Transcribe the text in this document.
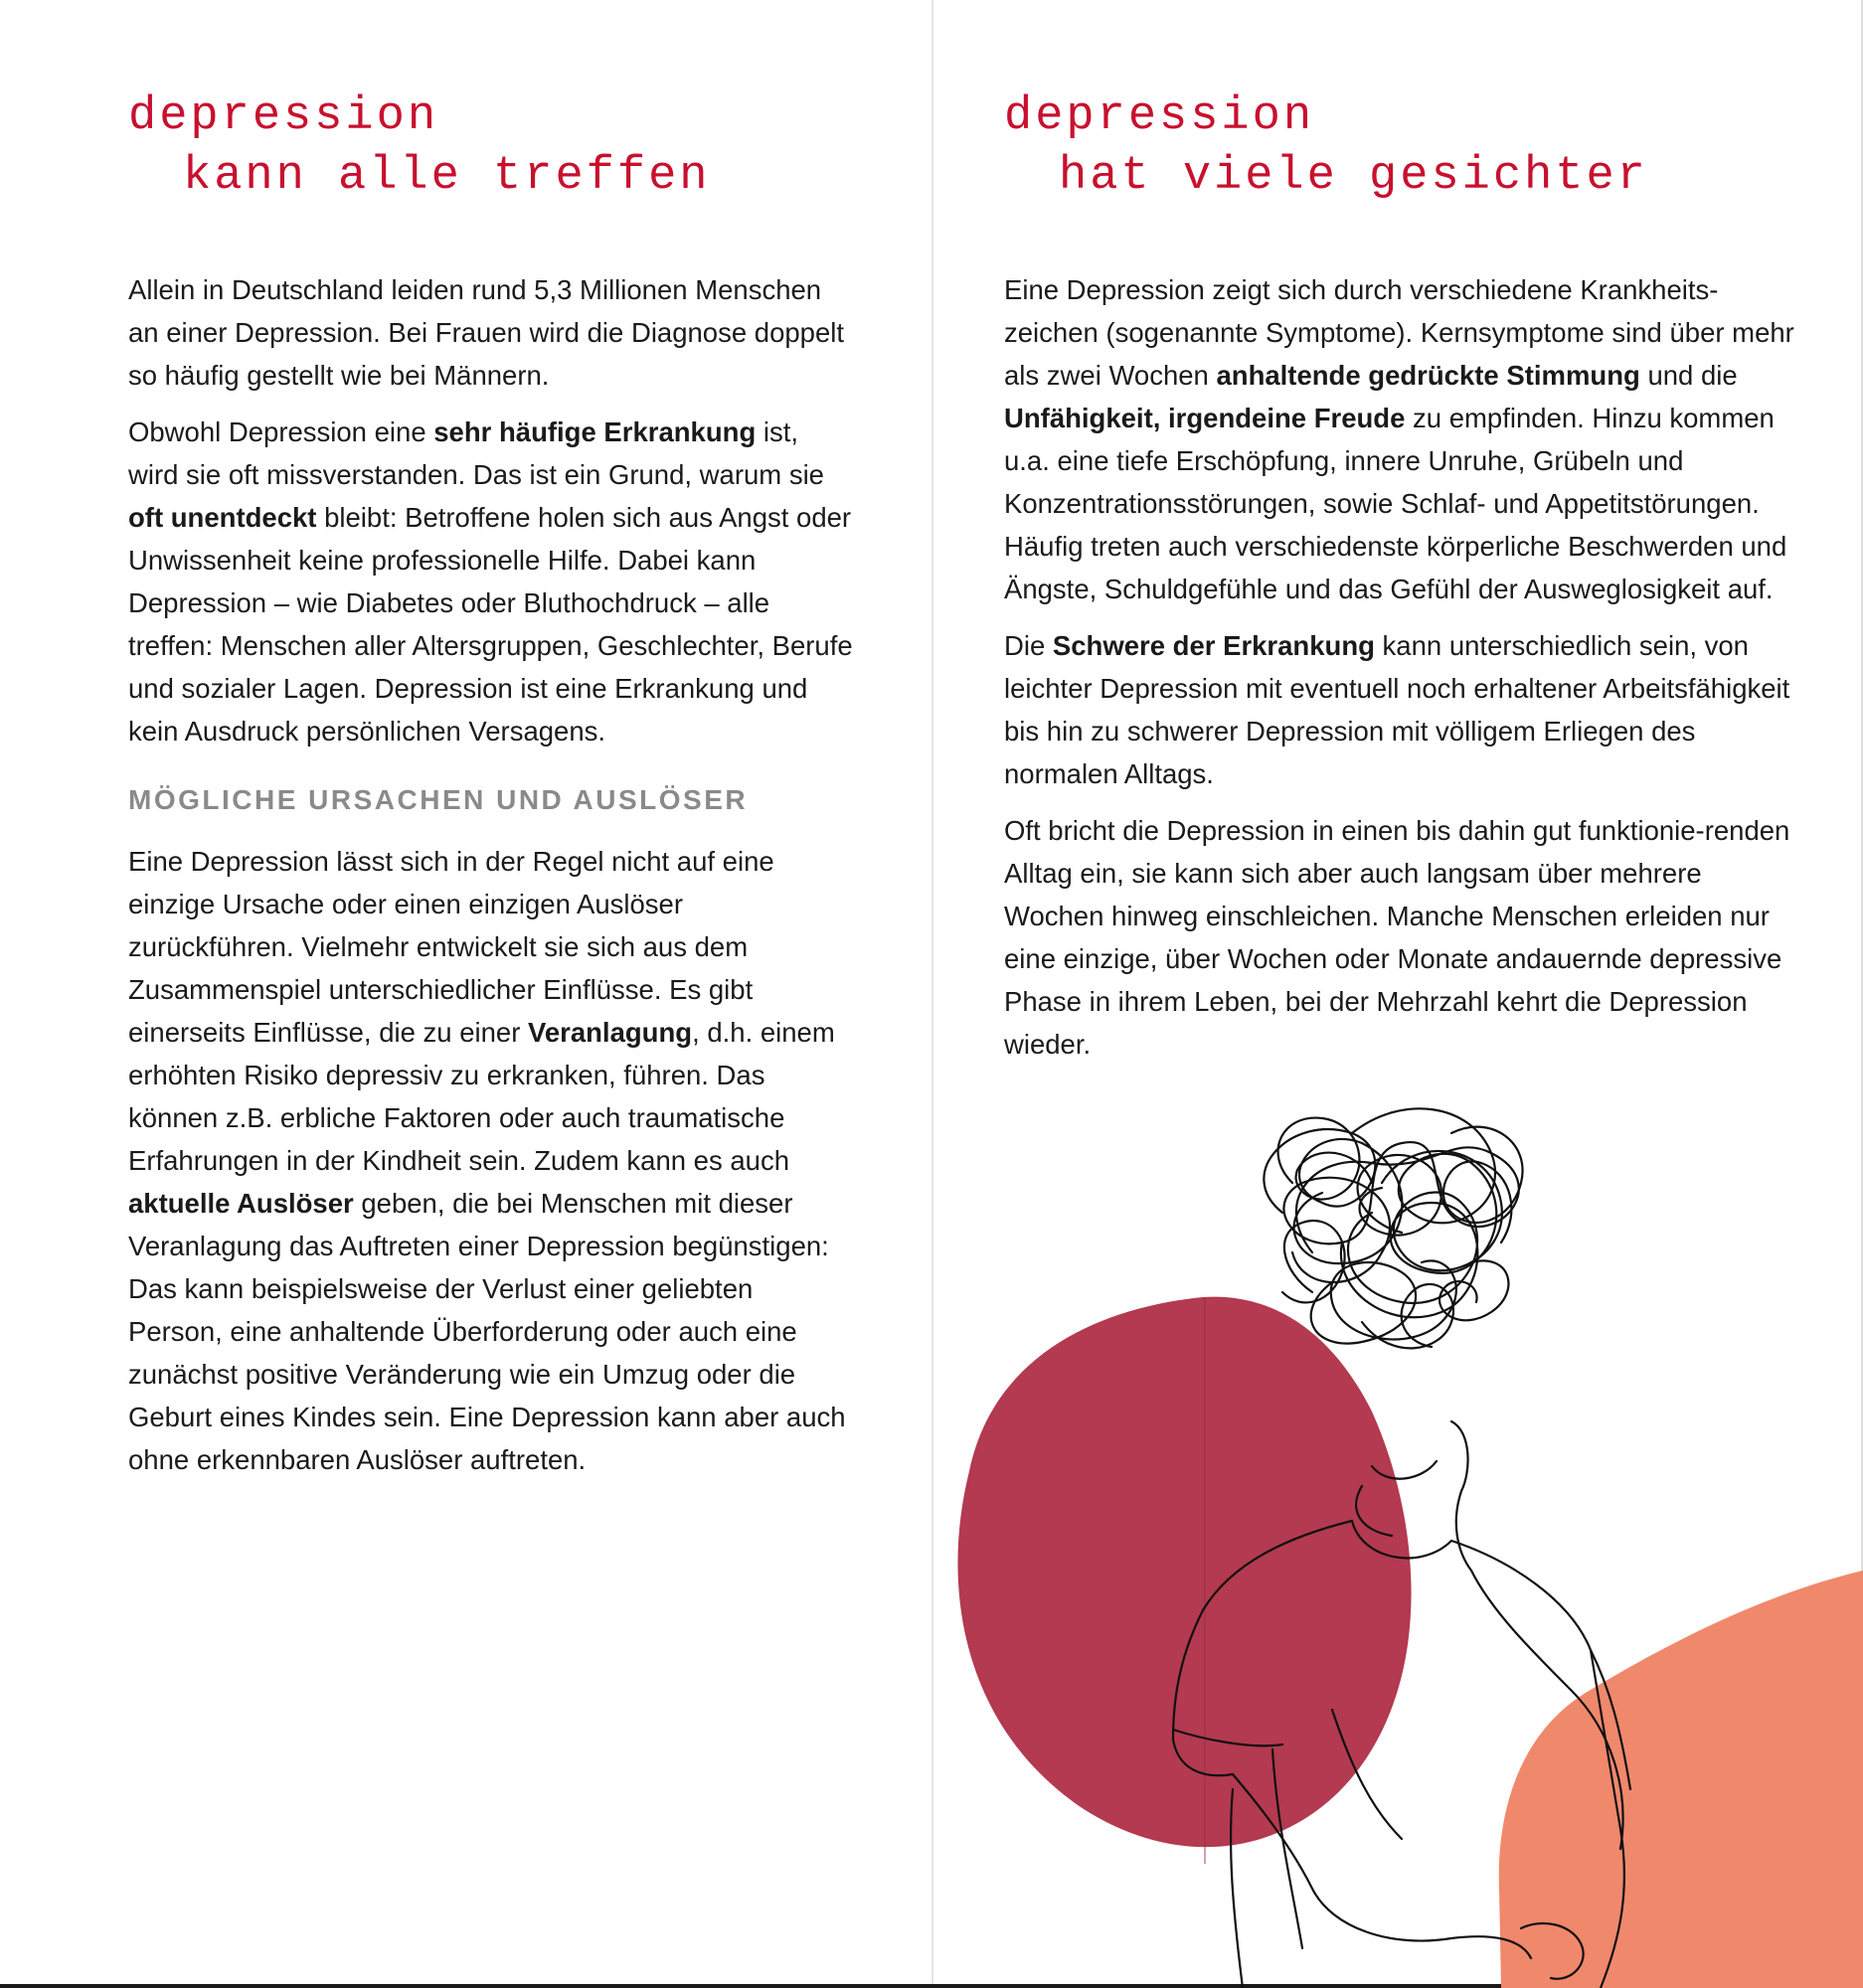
depression
kann alle treffen

Allein in Deutschland leiden rund 5,3 Millionen Menschen an einer Depression. Bei Frauen wird die Diagnose doppelt so häufig gestellt wie bei Männern.

Obwohl Depression eine sehr häufige Erkrankung ist, wird sie oft missverstanden. Das ist ein Grund, warum sie oft unentdeckt bleibt: Betroffene holen sich aus Angst oder Unwissenheit keine professionelle Hilfe. Dabei kann Depression – wie Diabetes oder Bluthochdruck – alle treffen: Menschen aller Altersgruppen, Geschlechter, Berufe und sozialer Lagen. Depression ist eine Erkrankung und kein Ausdruck persönlichen Versagens.

MÖGLICHE URSACHEN UND AUSLÖSER

Eine Depression lässt sich in der Regel nicht auf eine einzige Ursache oder einen einzigen Auslöser zurückführen. Vielmehr entwickelt sie sich aus dem Zusammenspiel unterschiedlicher Einflüsse. Es gibt einerseits Einflüsse, die zu einer Veranlagung, d.h. einem erhöhten Risiko depressiv zu erkranken, führen. Das können z.B. erbliche Faktoren oder auch traumatische Erfahrungen in der Kindheit sein. Zudem kann es auch aktuelle Auslöser geben, die bei Menschen mit dieser Veranlagung das Auftreten einer Depression begünstigen: Das kann beispielsweise der Verlust einer geliebten Person, eine anhaltende Überforderung oder auch eine zunächst positive Veränderung wie ein Umzug oder die Geburt eines Kindes sein. Eine Depression kann aber auch ohne erkennbaren Auslöser auftreten.

depression
hat viele gesichter

Eine Depression zeigt sich durch verschiedene Krankheits-zeichen (sogenannte Symptome). Kernsymptome sind über mehr als zwei Wochen anhaltende gedrückte Stimmung und die Unfähigkeit, irgendeine Freude zu empfinden. Hinzu kommen u.a. eine tiefe Erschöpfung, innere Unruhe, Grübeln und Konzentrationsstörungen, sowie Schlaf- und Appetitstörungen. Häufig treten auch verschiedenste körperliche Beschwerden und Ängste, Schuldgefühle und das Gefühl der Ausweglosigkeit auf.

Die Schwere der Erkrankung kann unterschiedlich sein, von leichter Depression mit eventuell noch erhaltener Arbeitsfähigkeit bis hin zu schwerer Depression mit völligem Erliegen des normalen Alltags.

Oft bricht die Depression in einen bis dahin gut funktionie-renden Alltag ein, sie kann sich aber auch langsam über mehrere Wochen hinweg einschleichen. Manche Menschen erleiden nur eine einzige, über Wochen oder Monate andauernde depressive Phase in ihrem Leben, bei der Mehrzahl kehrt die Depression wieder.
